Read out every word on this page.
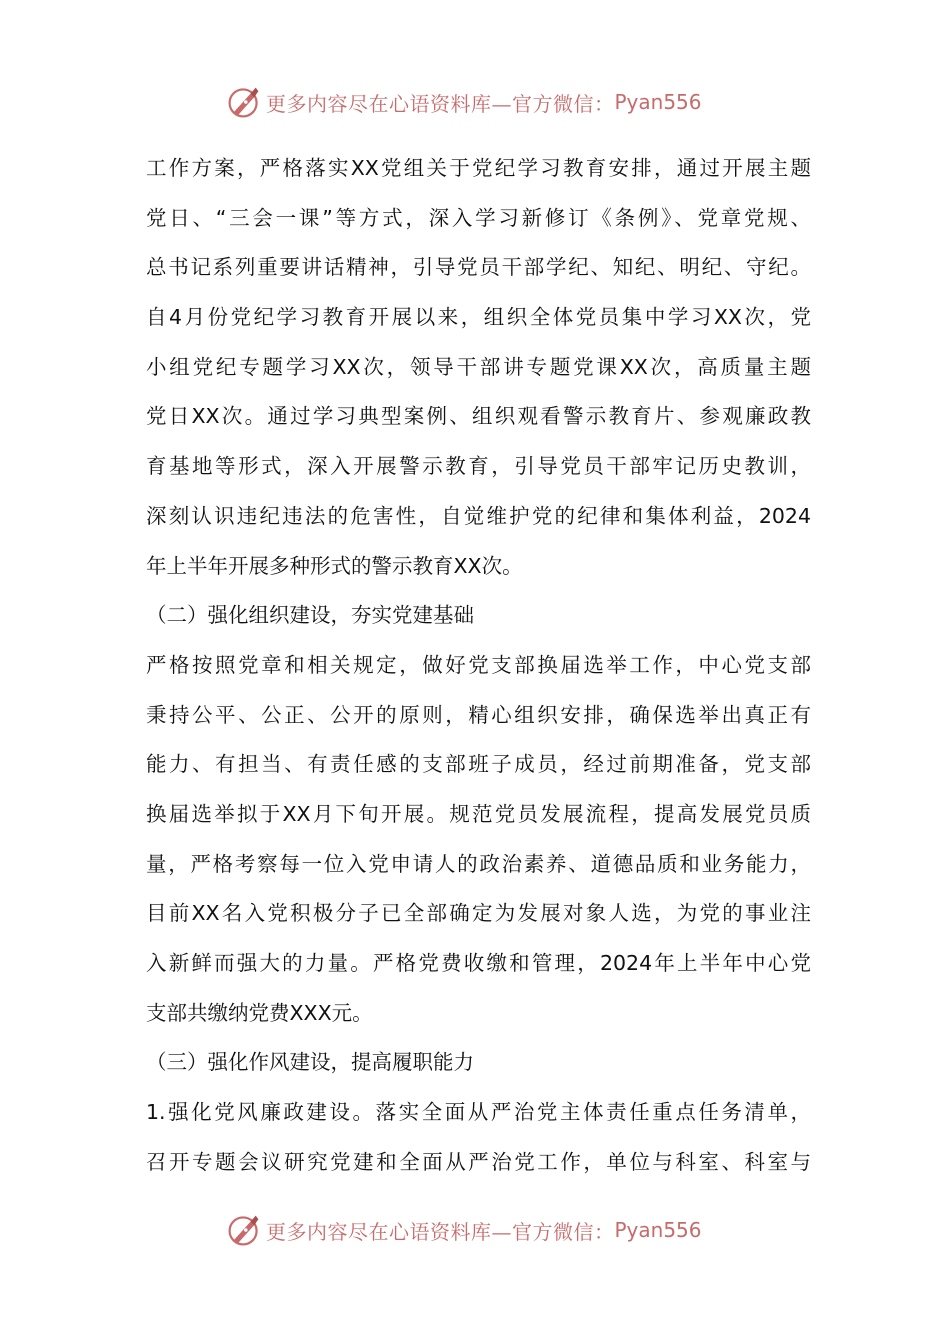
更多内容尽在心语资料库— 官方微信： Pyan556
工作方案，严格落实XX党组关于党纪学习教育安排，通过开展主题
党日、“三会一课”等方式，深入学习新修订《条例》、党章党规、
总书记系列重要讲话精神，引导党员干部学纪、知纪、明纪、守纪。
自4月份党纪学习教育开展以来，组织全体党员集中学习XX次，党
小组党纪专题学习XX次，领导干部讲专题党课XX次，高质量主题
党日XX次。通过学习典型案例、组织观看警示教育片、参观廉政教
育基地等形式，深入开展警示教育，引导党员干部牢记历史教训，
深刻认识违纪违法的危害性，自觉维护党的纪律和集体利益，2024
年上半年开展多种形式的警示教育XX次。
（二）强化组织建设，夯实党建基础
严格按照党章和相关规定，做好党支部换届选举工作，中心党支部
秉持公平、公正、公开的原则，精心组织安排，确保选举出真正有
能力、有担当、有责任感的支部班子成员，经过前期准备，党支部
换届选举拟于XX月下旬开展。规范党员发展流程，提高发展党员质
量，严格考察每一位入党申请人的政治素养、道德品质和业务能力，
目前XX名入党积极分子已全部确定为发展对象人选，为党的事业注
入新鲜而强大的力量。严格党费收缴和管理，2024年上半年中心党
支部共缴纳党费XXX元。
（三）强化作风建设，提高履职能力
1.强化党风廉政建设。落实全面从严治党主体责任重点任务清单，
召开专题会议研究党建和全面从严治党工作，单位与科室、科室与
更多内容尽在心语资料库— 官方微信： Pyan556
